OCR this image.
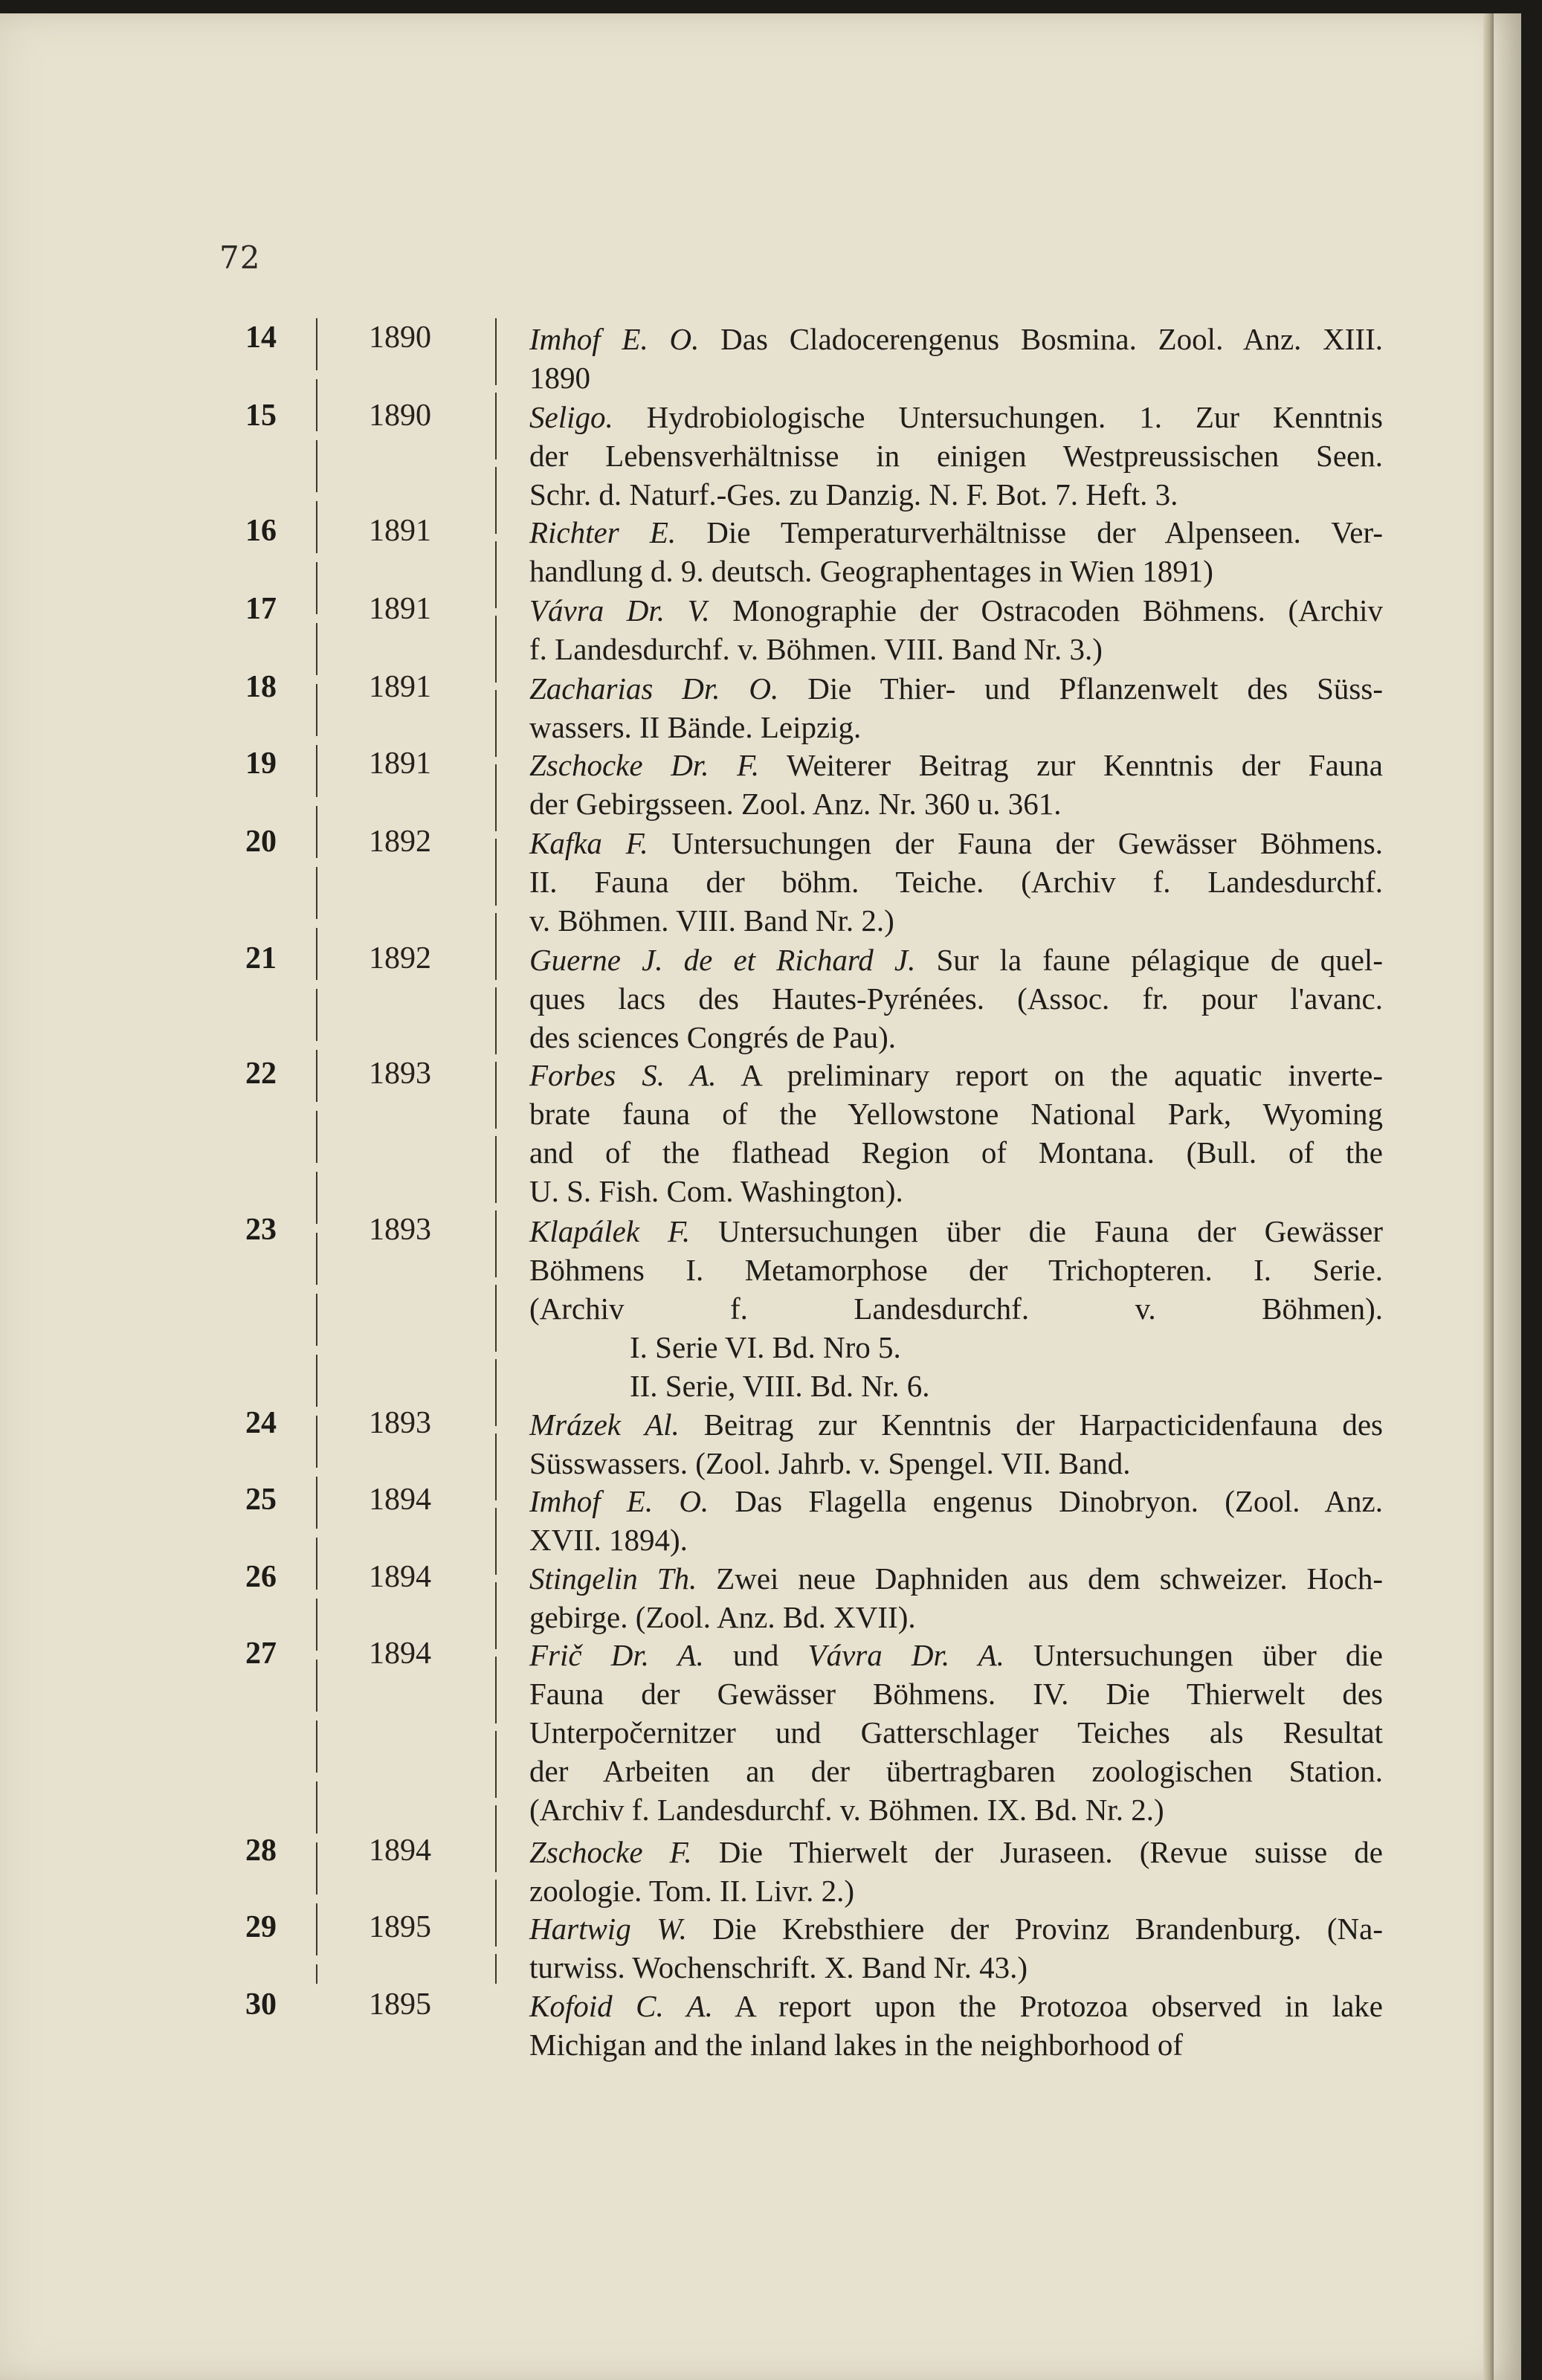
72
14	1890	Imhof E. O. Das Cladocerengenus Bosmina. Zool. Anz. XIII.
1890
15	1890	Seligo. Hydrobiologische Untersuchungen. 1. Zur Kenntnis
der Lebensverhältnisse in einigen Westpreussischen Seen.
Schr. d. Naturf.-Ges. zu Danzig. N. F. Bot. 7. Heft. 3.
16	1891	Richter E. Die Temperaturverhältnisse der Alpenseen. Ver-
handlung d. 9. deutsch. Geographentages in Wien 1891)
17	1891	Vávra Dr. V. Monographie der Ostracoden Böhmens. (Archiv
f. Landesdurchf. v. Böhmen. VIII. Band Nr. 3.)
18	1891	Zacharias Dr. O. Die Thier- und Pflanzenwelt des Süss-
wassers. II Bände. Leipzig.
19	1891	Zschocke Dr. F. Weiterer Beitrag zur Kenntnis der Fauna
der Gebirgsseen. Zool. Anz. Nr. 360 u. 361.
20	1892	Kafka F. Untersuchungen der Fauna der Gewässer Böhmens.
II. Fauna der böhm. Teiche. (Archiv f. Landesdurchf.
v. Böhmen. VIII. Band Nr. 2.)
21	1892	Guerne J. de et Richard J. Sur la faune pélagique de quel-
ques lacs des Hautes-Pyrénées. (Assoc. fr. pour l'avanc.
des sciences Congrés de Pau).
22	1893	Forbes S. A. A preliminary report on the aquatic inverte-
brate fauna of the Yellowstone National Park, Wyoming
and of the flathead Region of Montana. (Bull. of the
U. S. Fish. Com. Washington).
23	1893	Klapálek F. Untersuchungen über die Fauna der Gewässer
Böhmens I. Metamorphose der Trichopteren. I. Serie.
(Archiv f. Landesdurchf. v. Böhmen).
I. Serie VI. Bd. Nro 5.
II. Serie, VIII. Bd. Nr. 6.
24	1893	Mrázek Al. Beitrag zur Kenntnis der Harpacticidenfauna des
Süsswassers. (Zool. Jahrb. v. Spengel. VII. Band.
25	1894	Imhof E. O. Das Flagella engenus Dinobryon. (Zool. Anz.
XVII. 1894).
26	1894	Stingelin Th. Zwei neue Daphniden aus dem schweizer. Hoch-
gebirge. (Zool. Anz. Bd. XVII).
27	1894	Frič Dr. A. und Vávra Dr. A. Untersuchungen über die
Fauna der Gewässer Böhmens. IV. Die Thierwelt des
Unterpočernitzer und Gatterschlager Teiches als Resultat
der Arbeiten an der übertragbaren zoologischen Station.
(Archiv f. Landesdurchf. v. Böhmen. IX. Bd. Nr. 2.)
28	1894	Zschocke F. Die Thierwelt der Juraseen. (Revue suisse de
zoologie. Tom. II. Livr. 2.)
29	1895	Hartwig W. Die Krebsthiere der Provinz Brandenburg. (Na-
turwiss. Wochenschrift. X. Band Nr. 43.)
30	1895	Kofoid C. A. A report upon the Protozoa observed in lake
Michigan and the inland lakes in the neighborhood of
